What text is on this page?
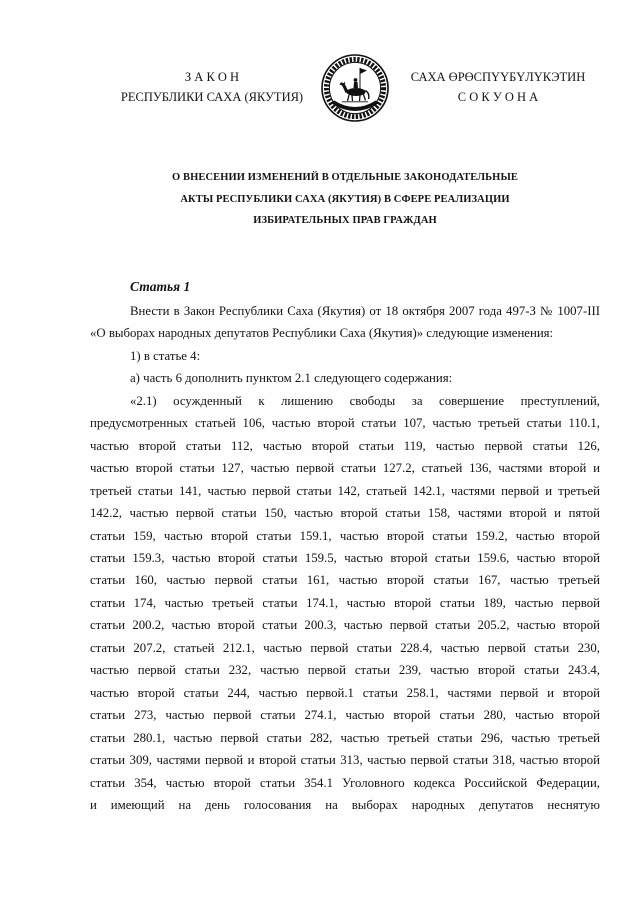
З А К О Н
РЕСПУБЛИКИ САХА (ЯКУТИЯ)
САХА ӨРӨСПҮҮБҮЛҮКЭТИН
С О К У О Н А
О ВНЕСЕНИИ ИЗМЕНЕНИЙ В ОТДЕЛЬНЫЕ ЗАКОНОДАТЕЛЬНЫЕ
АКТЫ РЕСПУБЛИКИ САХА (ЯКУТИЯ) В СФЕРЕ РЕАЛИЗАЦИИ
ИЗБИРАТЕЛЬНЫХ ПРАВ ГРАЖДАН
Статья 1
Внести в Закон Республики Саха (Якутия) от 18 октября 2007 года 497-З № 1007-III
«О выборах народных депутатов Республики Саха (Якутия)» следующие изменения:
1) в статье 4:
а) часть 6 дополнить пунктом 2.1 следующего содержания:
«2.1) осужденный к лишению свободы за совершение преступлений,
предусмотренных статьей 106, частью второй статьи 107, частью третьей статьи 110.1,
частью второй статьи 112, частью второй статьи 119, частью первой статьи 126,
частью второй статьи 127, частью первой статьи 127.2, статьей 136, частями второй и
третьей статьи 141, частью первой статьи 142, статьей 142.1, частями первой и третьей
142.2, частью первой статьи 150, частью второй статьи 158, частями второй и пятой
статьи 159, частью второй статьи 159.1, частью второй статьи 159.2, частью второй
статьи 159.3, частью второй статьи 159.5, частью второй статьи 159.6, частью второй
статьи 160, частью первой статьи 161, частью второй статьи 167, частью третьей
статьи 174, частью третьей статьи 174.1, частью второй статьи 189, частью первой
статьи 200.2, частью второй статьи 200.3, частью первой статьи 205.2, частью второй
статьи 207.2, статьей 212.1, частью первой статьи 228.4, частью первой статьи 230,
частью первой статьи 232, частью первой статьи 239, частью второй статьи 243.4,
частью второй статьи 244, частью первой.1 статьи 258.1, частями первой и второй
статьи 273, частью первой статьи 274.1, частью второй статьи 280, частью второй
статьи 280.1, частью первой статьи 282, частью третьей статьи 296, частью третьей
статьи 309, частями первой и второй статьи 313, частью первой статьи 318, частью второй
статьи 354, частью второй статьи 354.1 Уголовного кодекса Российской Федерации,
и имеющий на день голосования на выборах народных депутатов неснятую
